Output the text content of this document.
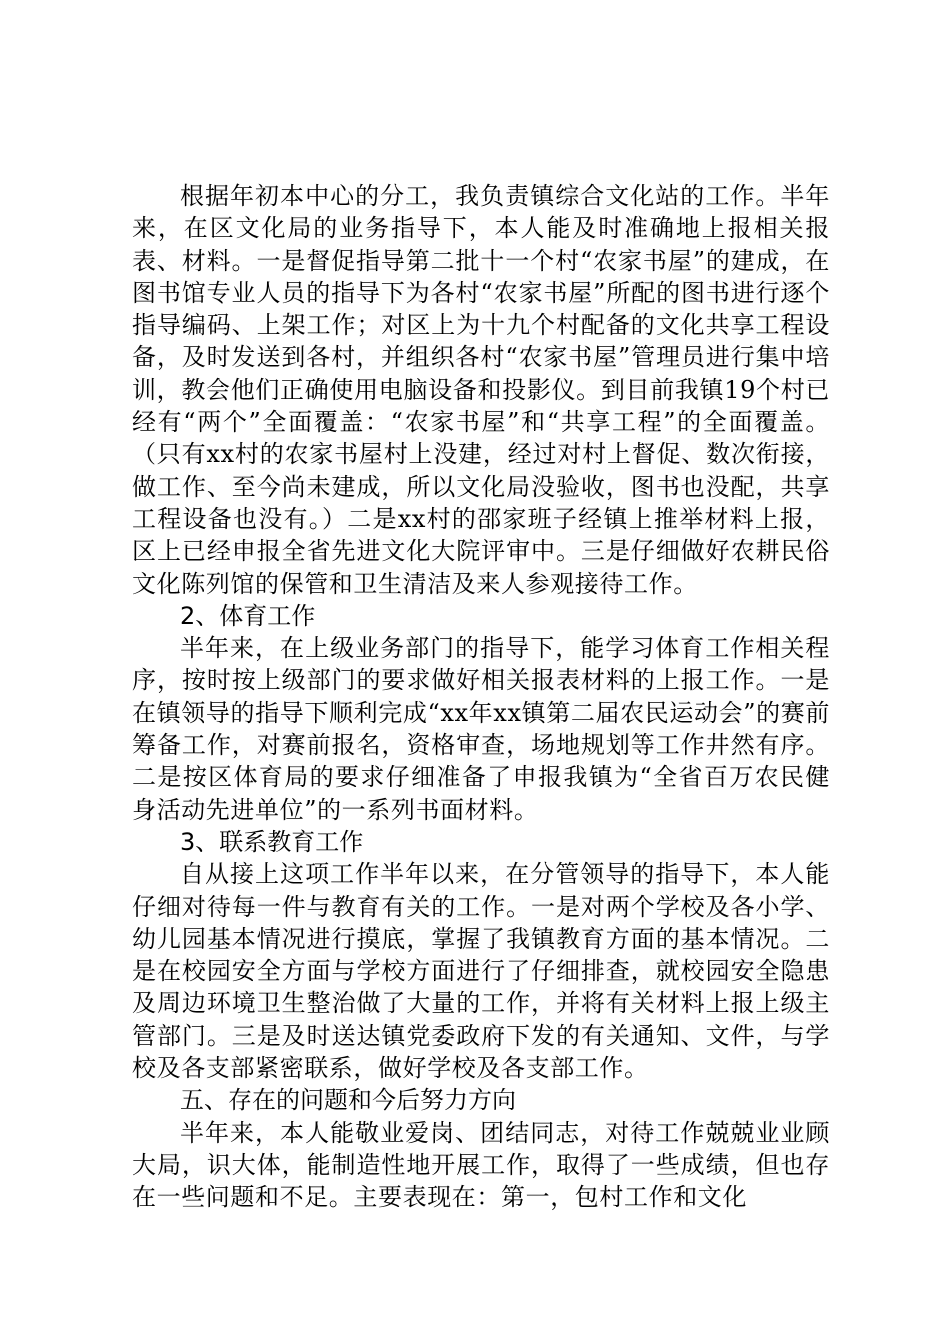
根据年初本中心的分工，我负责镇综合文化站的工作。半年来，在区文化局的业务指导下，本人能及时准确地上报相关报表、材料。一是督促指导第二批十一个村“农家书屋”的建成，在图书馆专业人员的指导下为各村“农家书屋”所配的图书进行逐个指导编码、上架工作；对区上为十九个村配备的文化共享工程设备，及时发送到各村，并组织各村“农家书屋”管理员进行集中培训，教会他们正确使用电脑设备和投影仪。到目前我镇19个村已经有“两个”全面覆盖：“农家书屋”和“共享工程”的全面覆盖。（只有xx村的农家书屋村上没建，经过对村上督促、数次衔接，做工作、至今尚未建成，所以文化局没验收，图书也没配，共享工程设备也没有。）二是xx村的邵家班子经镇上推举材料上报，区上已经申报全省先进文化大院评审中。三是仔细做好农耕民俗文化陈列馆的保管和卫生清洁及来人参观接待工作。

2、体育工作

半年来，在上级业务部门的指导下，能学习体育工作相关程序，按时按上级部门的要求做好相关报表材料的上报工作。一是在镇领导的指导下顺利完成“xx年xx镇第二届农民运动会”的赛前筹备工作，对赛前报名，资格审查，场地规划等工作井然有序。二是按区体育局的要求仔细准备了申报我镇为“全省百万农民健身活动先进单位”的一系列书面材料。

3、联系教育工作

自从接上这项工作半年以来，在分管领导的指导下，本人能仔细对待每一件与教育有关的工作。一是对两个学校及各小学、幼儿园基本情况进行摸底，掌握了我镇教育方面的基本情况。二是在校园安全方面与学校方面进行了仔细排查，就校园安全隐患及周边环境卫生整治做了大量的工作，并将有关材料上报上级主管部门。三是及时送达镇党委政府下发的有关通知、文件，与学校及各支部紧密联系，做好学校及各支部工作。

五、存在的问题和今后努力方向

半年来，本人能敬业爱岗、团结同志，对待工作兢兢业业顾大局，识大体，能制造性地开展工作，取得了一些成绩，但也存在一些问题和不足。主要表现在：第一，包村工作和文化
